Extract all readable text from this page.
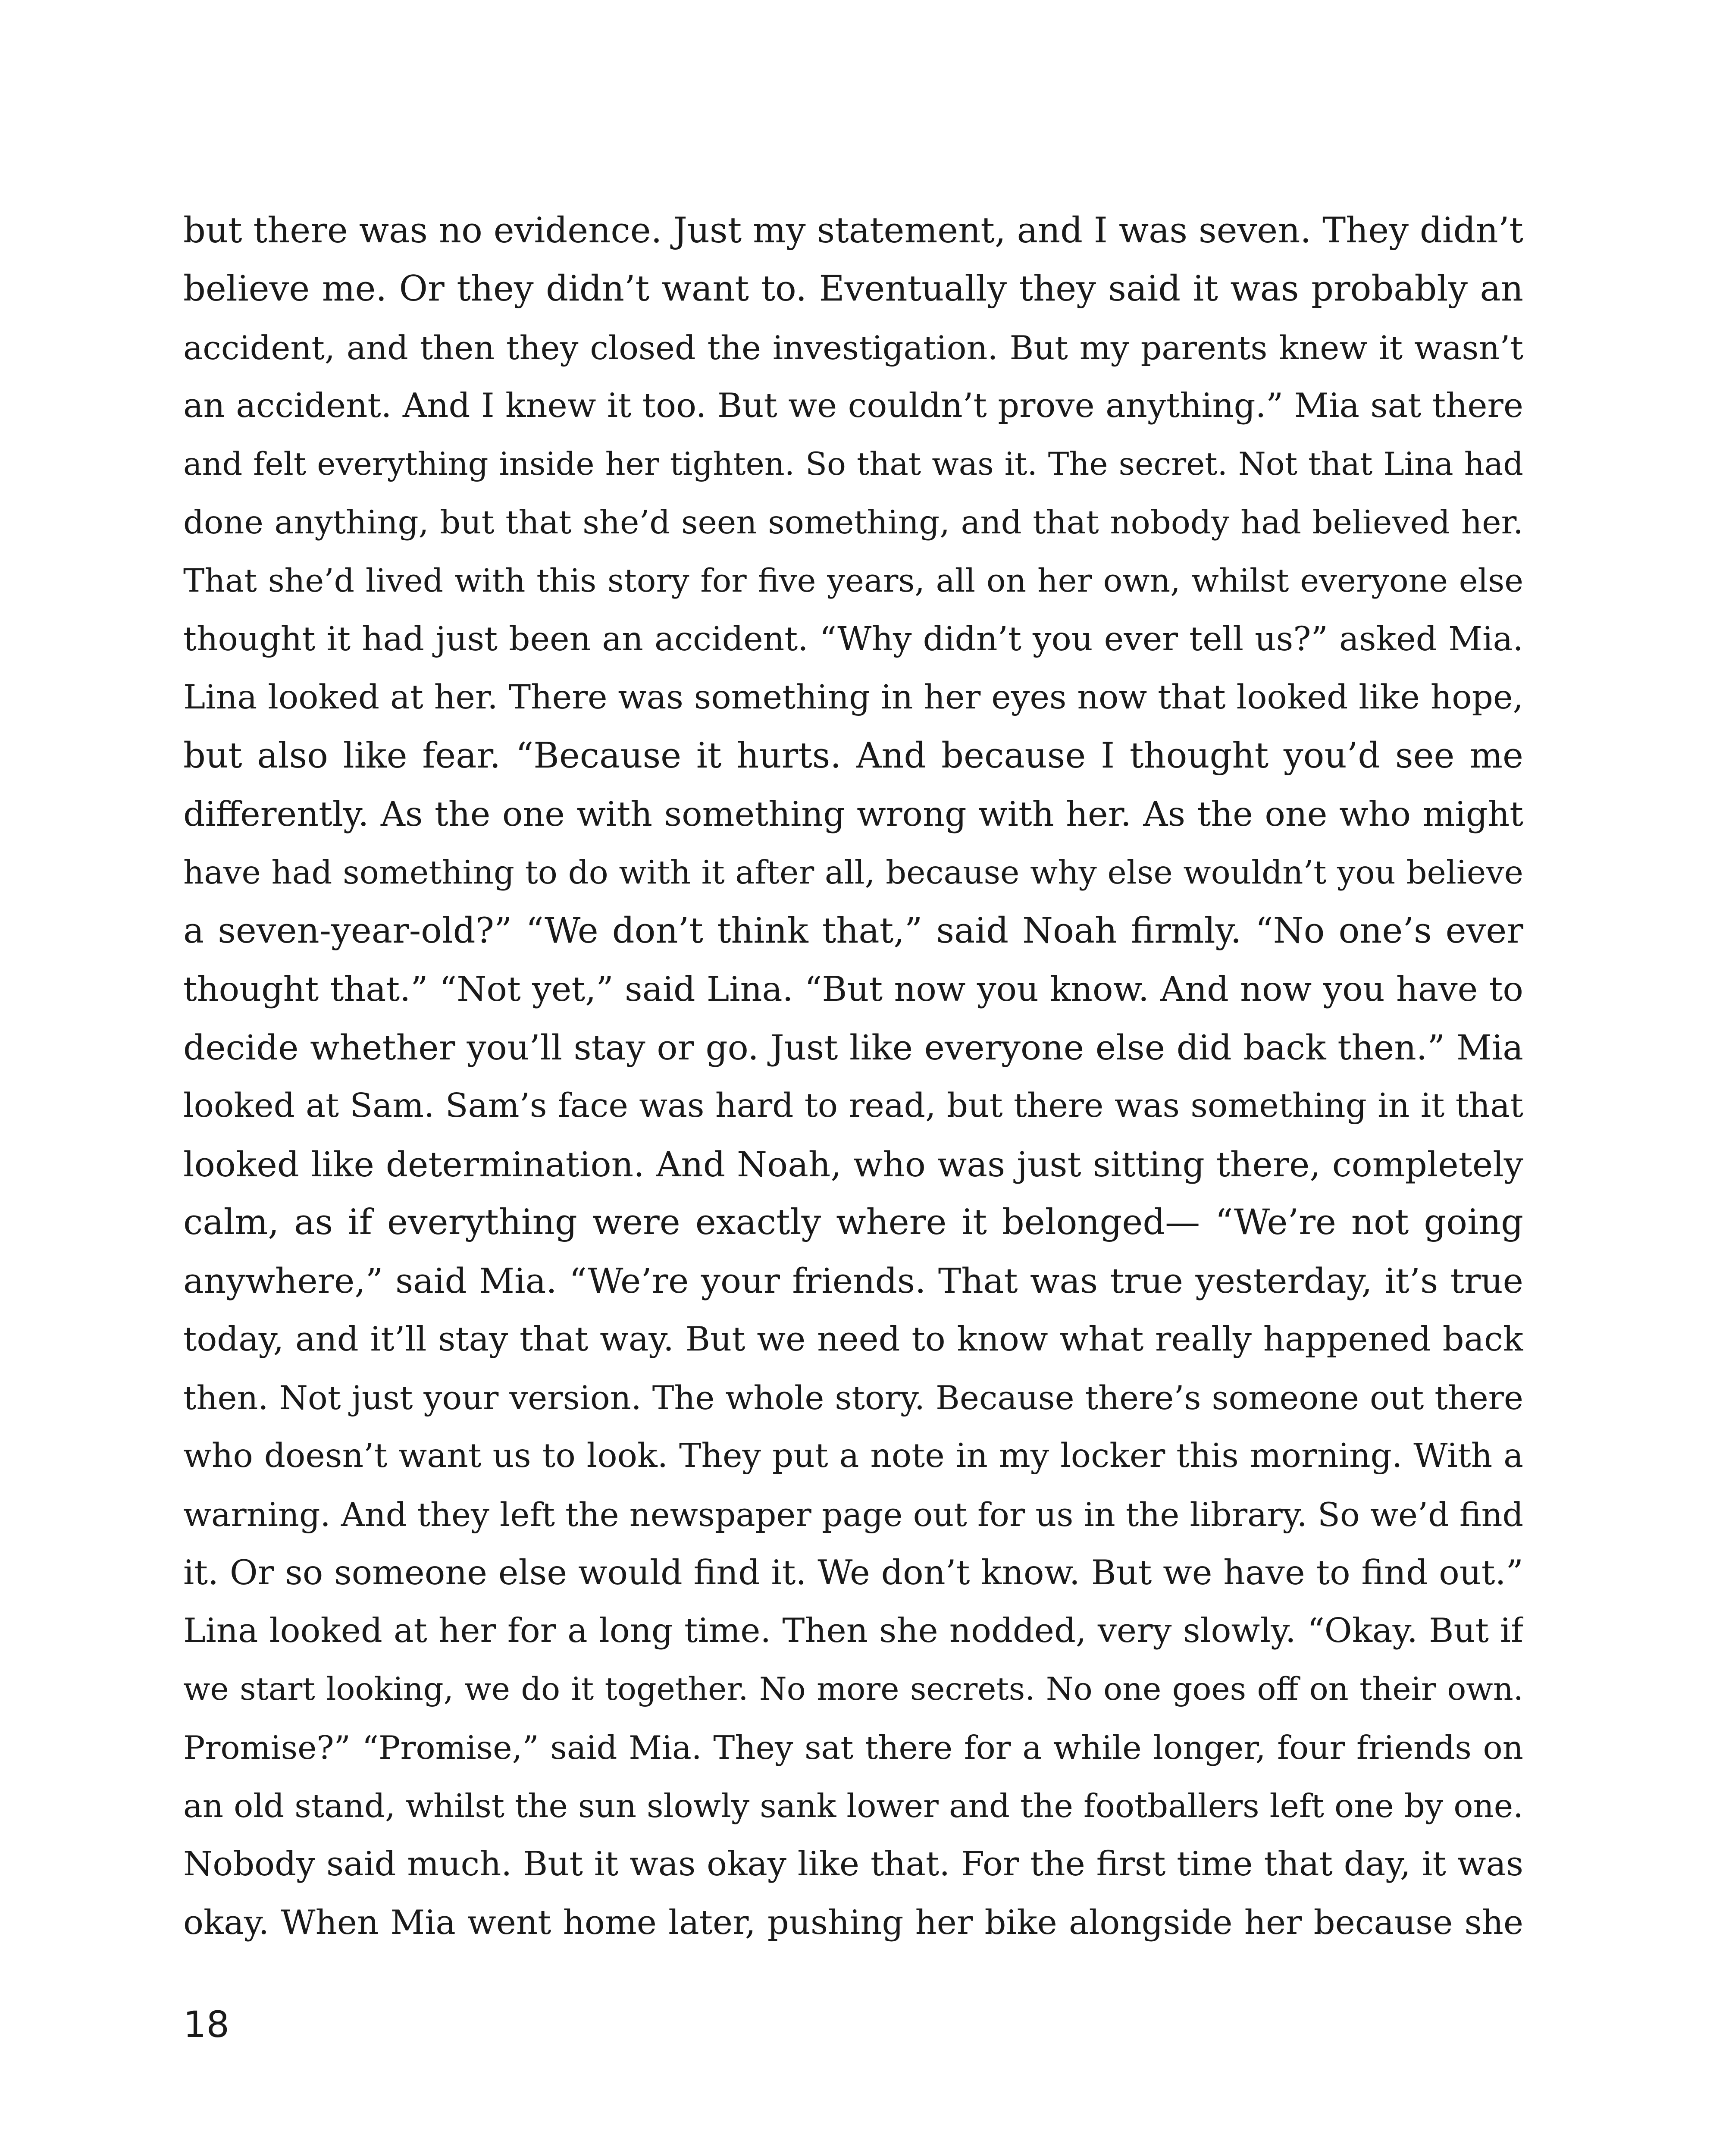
but there was no evidence. Just my statement, and I was seven. They didn’t
believe me. Or they didn’t want to. Eventually they said it was probably an
accident, and then they closed the investigation. But my parents knew it wasn’t
an accident. And I knew it too. But we couldn’t prove anything.” Mia sat there
and felt everything inside her tighten. So that was it. The secret. Not that Lina had
done anything, but that she’d seen something, and that nobody had believed her.
That she’d lived with this story for five years, all on her own, whilst everyone else
thought it had just been an accident. “Why didn’t you ever tell us?” asked Mia.
Lina looked at her. There was something in her eyes now that looked like hope,
but also like fear. “Because it hurts. And because I thought you’d see me
differently. As the one with something wrong with her. As the one who might
have had something to do with it after all, because why else wouldn’t you believe
a seven-year-old?” “We don’t think that,” said Noah firmly. “No one’s ever
thought that.” “Not yet,” said Lina. “But now you know. And now you have to
decide whether you’ll stay or go. Just like everyone else did back then.” Mia
looked at Sam. Sam’s face was hard to read, but there was something in it that
looked like determination. And Noah, who was just sitting there, completely
calm, as if everything were exactly where it belonged— “We’re not going
anywhere,” said Mia. “We’re your friends. That was true yesterday, it’s true
today, and it’ll stay that way. But we need to know what really happened back
then. Not just your version. The whole story. Because there’s someone out there
who doesn’t want us to look. They put a note in my locker this morning. With a
warning. And they left the newspaper page out for us in the library. So we’d find
it. Or so someone else would find it. We don’t know. But we have to find out.”
Lina looked at her for a long time. Then she nodded, very slowly. “Okay. But if
we start looking, we do it together. No more secrets. No one goes off on their own.
Promise?” “Promise,” said Mia. They sat there for a while longer, four friends on
an old stand, whilst the sun slowly sank lower and the footballers left one by one.
Nobody said much. But it was okay like that. For the first time that day, it was
okay. When Mia went home later, pushing her bike alongside her because she
18
